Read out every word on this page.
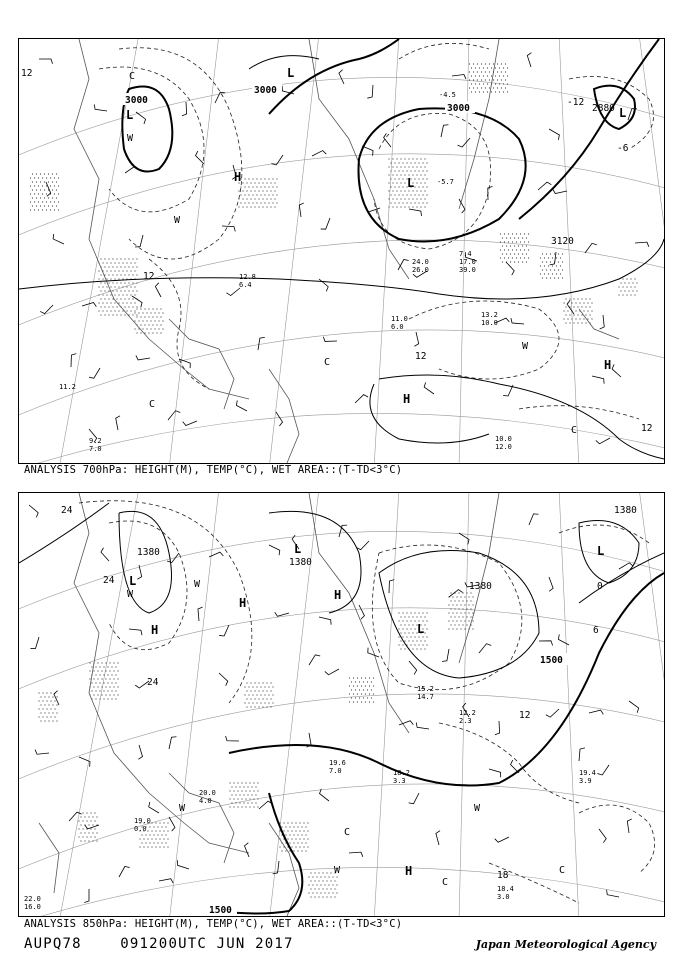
L
L
L
L
H
H
W
W
W
C
C
C
C
H
3000
3000
3000	2880
3120
12
12
12
12
-12
-6
13.2
10.0
11.0
6.0
10.0
12.0
9.2
7.0
11.2
-4.5
-5.7
24.0
26.0
17.0
39.0
7.4
12.8
6.4
ANALYSIS 700hPa: HEIGHT(M), TEMP(°C), WET AREA::(T-TD<3°C)
L
L
L
L
H
H
H
W
W
W
W
W
C
C
C
H
1380
1380
1380
1380
1500
1500
24
24
24
12
18
6
0
22.0
16.0
19.6
7.0	18.2
3.3
20.0
4.0
19.0
0.0
15.2
14.7
12.2
2.3
18.4
3.0
19.4
3.9
ANALYSIS 850hPa: HEIGHT(M), TEMP(°C), WET AREA::(T-TD<3°C)
AUPQ78	091200UTC JUN 2017	Japan Meteorological Agency
